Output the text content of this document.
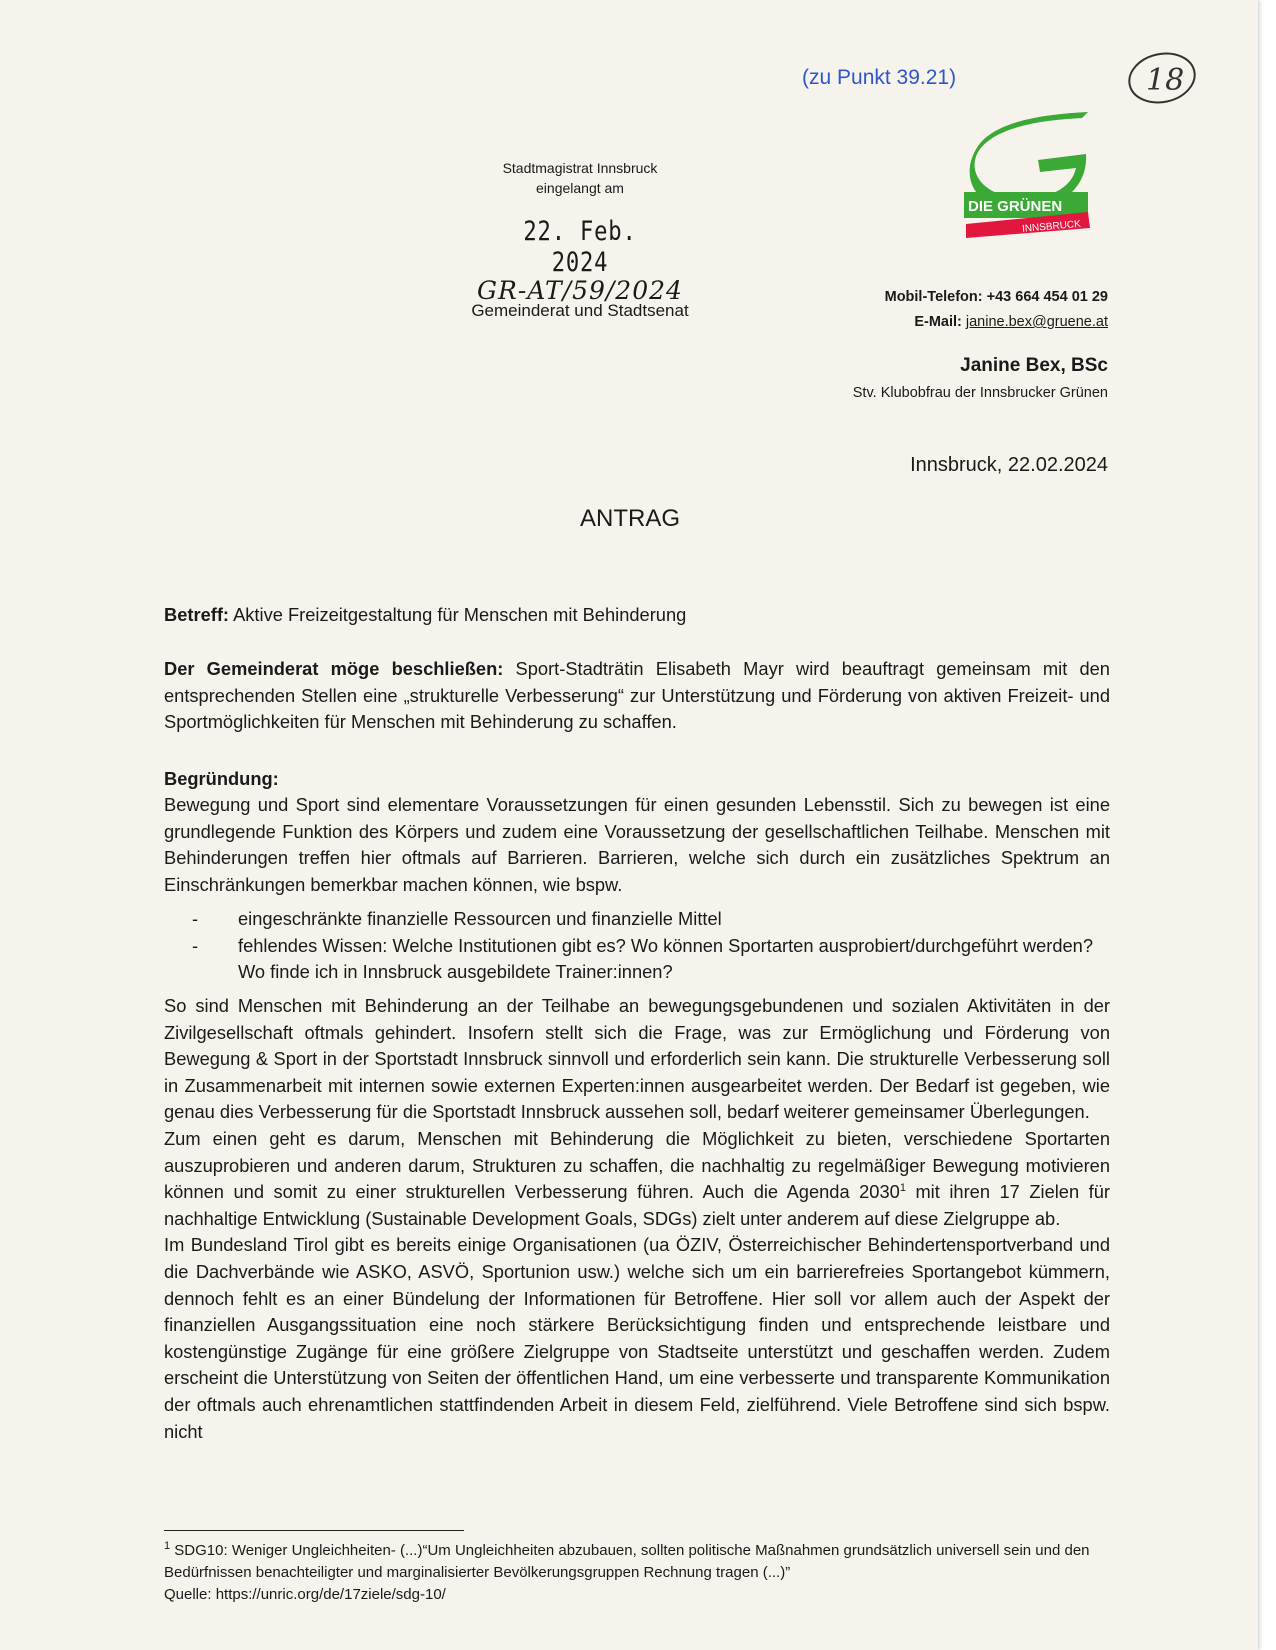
(zu Punkt 39.21)	18
Stadtmagistrat Innsbruck
eingelangt am
22. Feb. 2024
GR-AT/59/2024
Gemeinderat und Stadtsenat
DIE GRÜNEN
INNSBRUCK
Mobil-Telefon: +43 664 454 01 29
E-Mail: janine.bex@gruene.at
Janine Bex, BSc
Stv. Klubobfrau der Innsbrucker Grünen
Innsbruck, 22.02.2024
ANTRAG
Betreff: Aktive Freizeitgestaltung für Menschen mit Behinderung
Der Gemeinderat möge beschließen: Sport-Stadträtin Elisabeth Mayr wird beauftragt gemeinsam mit den entsprechenden Stellen eine „strukturelle Verbesserung“ zur Unterstützung und Förderung von aktiven Freizeit- und Sportmöglichkeiten für Menschen mit Behinderung zu schaffen.
Begründung:
Bewegung und Sport sind elementare Voraussetzungen für einen gesunden Lebensstil. Sich zu bewegen ist eine grundlegende Funktion des Körpers und zudem eine Voraussetzung der gesellschaftlichen Teilhabe. Menschen mit Behinderungen treffen hier oftmals auf Barrieren. Barrieren, welche sich durch ein zusätzliches Spektrum an Einschränkungen bemerkbar machen können, wie bspw.
- eingeschränkte finanzielle Ressourcen und finanzielle Mittel
- fehlendes Wissen: Welche Institutionen gibt es? Wo können Sportarten ausprobiert/durchgeführt werden? Wo finde ich in Innsbruck ausgebildete Trainer:innen?
So sind Menschen mit Behinderung an der Teilhabe an bewegungsgebundenen und sozialen Aktivitäten in der Zivilgesellschaft oftmals gehindert. Insofern stellt sich die Frage, was zur Ermöglichung und Förderung von Bewegung & Sport in der Sportstadt Innsbruck sinnvoll und erforderlich sein kann. Die strukturelle Verbesserung soll in Zusammenarbeit mit internen sowie externen Experten:innen ausgearbeitet werden. Der Bedarf ist gegeben, wie genau dies Verbesserung für die Sportstadt Innsbruck aussehen soll, bedarf weiterer gemeinsamer Überlegungen.
Zum einen geht es darum, Menschen mit Behinderung die Möglichkeit zu bieten, verschiedene Sportarten auszuprobieren und anderen darum, Strukturen zu schaffen, die nachhaltig zu regelmäßiger Bewegung motivieren können und somit zu einer strukturellen Verbesserung führen. Auch die Agenda 2030$^1$ mit ihren 17 Zielen für nachhaltige Entwicklung (Sustainable Development Goals, SDGs) zielt unter anderem auf diese Zielgruppe ab.
Im Bundesland Tirol gibt es bereits einige Organisationen (ua ÖZIV, Österreichischer Behindertensportverband und die Dachverbände wie ASKO, ASVÖ, Sportunion usw.) welche sich um ein barrierefreies Sportangebot kümmern, dennoch fehlt es an einer Bündelung der Informationen für Betroffene. Hier soll vor allem auch der Aspekt der finanziellen Ausgangssituation eine noch stärkere Berücksichtigung finden und entsprechende leistbare und kostengünstige Zugänge für eine größere Zielgruppe von Stadtseite unterstützt und geschaffen werden. Zudem erscheint die Unterstützung von Seiten der öffentlichen Hand, um eine verbesserte und transparente Kommunikation der oftmals auch ehrenamtlichen stattfindenden Arbeit in diesem Feld, zielführend. Viele Betroffene sind sich bspw. nicht
$^1$ SDG10: Weniger Ungleichheiten- (...)“Um Ungleichheiten abzubauen, sollten politische Maßnahmen grundsätzlich universell sein und den Bedürfnissen benachteiligter und marginalisierter Bevölkerungsgruppen Rechnung tragen (...)”
Quelle: https://unric.org/de/17ziele/sdg-10/
